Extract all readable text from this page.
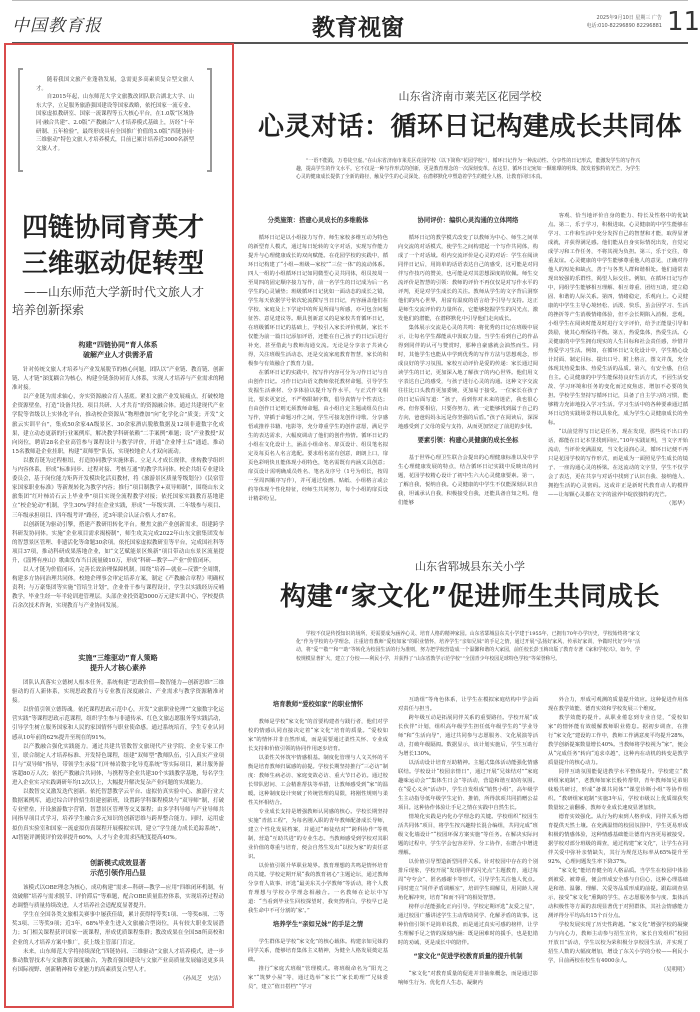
中国教育报	教育视窗	2025年9月10日 星期三 广告
电话:010-82296890 82296881 11

随着我国文旅产业蓬勃发展，急需更多高素质复合型文旅人才。

自2015年起，山东师范大学文旅教改团队联合湖北大学、山东大学，立足服务旅游强国建设等国家战略，依托国家一流专业、国家虚拟教研室、国家一流课程等五大核心平台，在1.0版“区域协同·融合共建”、2.0版“产教融合”人才培养模式基础上，历经“十年研制、五年检验”，最终形成具有全国推广价值的3.0版“四链协同·三维驱动”特色文旅人才培养模式，目前已累计培养近3000名新型文旅人才。

四链协同育英才
三维驱动促转型
——山东师范大学新时代文旅人才
培养创新探索
构建“四链协同”育人体系
破解产业人才供需矛盾

针对传统文旅人才培养与产业发展脱节的核心问题，团队以“产业链、教育链、创新链、人才链”深度耦合为核心，构建全链条协同育人体系，实现人才培养与产业需求的精准对接。

以产业链为需求轴心，夯实资源融合育人基底。紧扣文旅产业发展痛点，打破校地企资源壁垒，打造“设备共投、项目共研、人才共育”的资源融合体。通过共建现代产业学院等省级以上实体化平台，推动校企资源从“物理叠加”向“化学化合”质变；开发“文旅云实训平台”，集成50余家4A级景区、30余家酒店脱敏数据及12项非遗数字化成果，建立动态更新的行业案例库，解决教学科研依赖“二手案例”难题；设“产业教授”双向岗位，聘请28名企业高管参与课程设计与教学评价，开通“企业博士后”通道，推动15名教师赴企业挂职，构建“双师型”队伍，实现校地企人才双向流动。

以教育链为过程枢纽，打造协同教学实施体系。立足人才成长规律，重构教学组织与内容体系，形成“标准同步、过程对接、考核互通”的教学共同体。校企共组专业建设委员会，基于岗位能力矩阵开发模块化活页教材，将《旅游景区质量等级划分》《民宿管家国家职业标准》等新规转化为教学内容；推行“项目制教学+双导师制”，围绕山东文旅集团“红叶柿岩石云上毕业季”项目实现全流程教学对接；依托国家实践教育基地建立“校企轮动”机制，学生30%学时在企业实践，形成“一年级实训、二年级参与项目、三年级承担项目、四年级考评”路径，近3年联合认证合格人才87名。

以创新链为驱动引擎，搭建产教研用转化平台。聚焦文旅产业创新需求，组建跨学科研发协同体。实施“企业项目需求揭榜制”，师生攻关完成2022年山东文旅集团发布的智慧景区管理、非遗活化等命题30余项。依托国家虚拟教研室等平台，完成国社科等项目37项，推动科研成果落地企业，如“文艺赋能景区焕新”项目带动山东景区流量提升，《淄博有座山》歌曲发布当日流量破10万，形成“科研—教学—产业”价值闭环。

以人才链为价值闭环，完善长效治理保障机制。围绕“培养—就业—反馈”全周期，构建多方协同治理共同体。校地企理事会审定培养方案，制定《产教融合章程》明确权责利；与万豪集团等实施“管培生计划”，企业骨干参与课程设计，学生以实践经历反哺教学，毕业生经一年半轮训进管理层。头部企业投资超5000万元建实训中心，学校提供百余次技术咨询，实现教育与产业协同发展。

实施“三维驱动”育人策略
提升人才核心素养

团队认真落实立德树人根本任务，系统构建“思政价值—数智能力—创新思维”三维驱动的育人新体系，实现思政教育与专业教育深度融合、产业需求与教学资源精准对接。

以价值引领立德铸魂。依托课程思政示范中心，开发“文旅职业伦理”“文旅数字化运营实践”等课程思政示范课程，组织学生参与非遗传承、红色文旅志愿服务等实践活动，引导学生树立服务国家和人民的家国情怀与职业使命感。通过系统培育，学生专业认同感从10年前的62%提升至现在的91%。

以产教融合强化实践能力。通过共建共管数智文旅现代产业学院、企业专家工作室，联合制定人才培养标准、开发特色课程，组建“双师型”教师队伍，引入真实产业项目与“双导师”指导，带领学生承接“红叶柿岩数字化导览系统”等实际项目，累计服务游客超80万人次；依托产教融合共同体，与携程等企业共建30个实践教学基地，每名学生进入企业实习实践调研年均12次以上，大幅提升解决复杂产业问题的实战能力。

以数智交叉激发迭代创新。依托智慧教学云平台、虚拟仿真实验中心、旅游行业大数据案例库，通过综合评价招生组建创新班，设置跨学科课程模块与“双导师”制，打破专业壁垒，开设旅游数字营销、智慧景区管理等交叉课程；由多学科导师与产业导师共同指导项目式学习，培养学生融合多元知识的创新思维与跨界整合能力。同时，运用虚拟仿真实验室和国家一流虚拟仿真课程开展模拟实训，建立“学生能力成长追踪系统”，AI智能评测使评价效率提升60%，人才与企业需求匹配度提高40%。

创新模式成效显著
示范引领作用凸显

该模式以OBE理念为核心，成功构建“需求—科研—教学—应用”四维闭环机制，有效破解“培养与需求脱节、评价滞后”等难题，配合OBE质量监控体系，实现培养过程动态调整与质量持续改进，人才培养社会适配度显著提升。

学生在全国各类文旅相关赛事中屡获佳绩，累计获得特等奖1项、一等奖6项、二等奖3项、三等奖9项；近3年，68%毕业生进入文旅融合型岗位，具有较大职业发展潜力；5门相关课程获评国家一流课程，形成优质课程集群；教改成果在全国58所高校和企业的人才培养方案中推广，获上级主管部门肯定。

未来，山东师范大学将持续深化“四链协同、三维驱动”文旅人才培养模式，进一步推动数智技术与文旅教育深度融合，为教育强国建设与文旅产业高质量发展输送更多具有国际视野、创新精神和专业能力的高素质复合型人才。

（孙凤芝　史洁）
山东省济南市莱芜区花园学校
心灵对话：循环日记构建成长共同体
“一语不能践，万卷徒空虚。”在山东省济南市莱芜区花园学校（以下简称“花园学校”），循环日记作为一种流动性、分享性的日记形式，能激发学生的写作兴趣，提高学生的作文水平。它不仅是一种写作形式的创新，更是教育理念的一次深刻变革。在这里，循环日记宛如一颗璀璨的明珠，散发着独特的光芒，为学生心灵的健康成长提供了全新的路径，触及学生的心灵深处，在潜移默化中塑造着学生的健全人格，让教育回归本真。
分类施策：搭建心灵成长的多维载体

循环日记是以小组接力写作、师生家校多维互动为特色的新型育人模式，通过每日轮转的文字对话，实现写作能力提升与心理健康成长的双向赋能。在花园学校的实践中，循环日记构建了“小组—班级—家校”“三位一体”的流动体系。四人一组的小组循环日记如同微型心灵共同体，组员按周一至周四的固定顺序接力写作，前一名学生的日记成为后一名学生的心灵铺垫；班级循环日记犹如一面动态的成长之镜，学生每天依据学号依次轮流撰写当日日记，内容涵盖他们在学校、家庭及上下学途中的所见所闻与所感，亦可包含问题征答、意见建议等。颇具创新意义的是家校共育循环日记，在班级循环日记的基础上，学校引入家长评价机制，家长不仅能为前一篇日记添加评语，还能在自己孩子的日记后进行补充，甚至借此与教师沟通交流。无论是分享亲子共读心得，关注班级生活动态，还是交流家庭教育智慧，家长的积极参与有效融合了教育力量。

在循环日记的实践中，按写作内容可分为习作日记与自由创作日记。习作日记由语文教师依托教材命题，引导学生发掘生活素材、分享体验以提升写作水平，与正式作文相比，要求更宽泛，不严格限制字数，倡导真情与个性表达；自由创作日记则无须教师命题，由小组自定主题或组员自由写作，穿插于命题习作之间，学生可接龙创作诗歌、分享感悟或推荐书籍、电影等，充分尊重学生的创作意愿，满足学生的表达需求，大幅度调动了他们的创作热情。循环日记的小组在文化设计上，涵盖小组命名、扉页设计、组员笔名拟定及每页名人名言选配。要求组名富有创意，朗朗上口，扉页色彩明快且能体现小组特色，笔名需既有内涵又具创意；扉页设计需明确成员姓名、笔名及序号（1号为组长，按周一至周四顺序写作），并可通过绘画、贴纸、小组格言或公约等体现个性化特征，经师生共同努力，每个小组的扉页设计精彩纷呈。

协同评价：编织心灵沟通的立体网络

循环日记的教学模式改变了以教师为中心、师生之间单向交流的对话模式，使学生之间构建起一个写作共同体，构成了一个对话域。组内交流评价是心灵的对话：学生在阅读同伴日记后，用简单的话语表达自己的感受，这可能是对同伴写作技巧的赞美，也可能是对其思想深度的钦佩。师生交流评价是智慧的引领：教师的评价不再仅仅是对写作水平的评判，更是对学生成长的关注。教师从学生的文字背后洞察他们的内心世界，用富有温度的语言给予引导与支持。这正是师生交流评价的力量所在，它能够挖掘学生的闪光点，激发他们的潜能，在潜移默化中引导他们走向成长。

集体展示交流是心灵的共鸣：将优秀的日记在班级中展示，让每名学生都能从中汲取力量。当学生看到自己的作品得到同伴的认可与赞赏时，那种自豪感就会油然而生。同时，其他学生也能从中学到优秀的写作方法与思想观念，形成良好的学习氛围。家校互动评价是爱的传递：家长通过阅读学生的日记，更加深入地了解孩子的内心世界。他们用文字表达自己的感受，与孩子进行心灵的沟通。这种文字交流往往比口头教育更加委婉，更加易于接受。一位家长在孩子的日记后面写道：“孩子，看到你对未来的迷茫，我也很心疼。但你要相信，只要你努力，就一定能够找到属于自己的方向，爸爸妈妈永远是你坚强的后盾。”孩子在阅读后，深深地感受到了父母的爱与支持，从而更加坚定了前进的步伐。

要素引领：构建心灵健康的成长坐标

基于世界心理卫生联合会提出的心理健康标准以及中学生心理健康发展的特点，结合循环日记实践中反映出的问题，花园学校精心设计了初中生六大心灵健康要素。第一，了解自我，悦纳自我。心灵健康的中学生不仅能深刻认识自我，坦诚承认自我，积极接受自我，还能具备自知之明。他们能够

客观、恰当地评价自身的能力、特长及性格中的优缺点。第二，乐于学习，积极进取。心灵健康的中学生能够在学习、工作和生活中充分发挥自己的智慧和才能，取得显著成就，并获得满足感。他们能从自身实际情况出发，自觉完成学习和工作任务，不将其视为负担。第三，乐于交往，尊重友谊。心灵健康的中学生能够尊重他人的意见，正确对待他人的短处和缺点，善于与各类人群和谐相处。他们通常表现出较强的乐群性，渴望人际交往。例如，在循环日记写作中，同组学生能够相互理解、相互尊重、团结互助，建立稳固、和谐的人际关系。第四，情绪稳定，乐观向上。心灵健康的中学生主导心境轻松、活泼、快乐，虽会因学习、生活的挫折等产生消极情绪体验，但不会长期陷入消极、悲观。小组学生在阅读时能及时进行文字评价，给予正能量引导和鼓励，使其心理保持平衡。第五，热爱集体，热爱生活。心灵健康的中学生拥有现实的人生目标和社会责任感，珍惜并热爱学习生活。例如，在循环日记文化设计中，学生精心设计封面、制定目标、提出口号、附上格言，图文并茂，充分体现其热爱集体、热爱生活的品质。第六，有安全感，自信自主。心灵健康的中学生能保持良好生活方式，不因生活变故、学习环境和任务的变化而过度焦虑，增加不必要的负担。学校学生坚持写循环日记，具备了自主学习的习惯，能够精力充沛地投入学习生活。学习生活中的各种要素通过循环日记的实践场景得以具象化，成为学生心灵健康成长的坐标。

“以前觉得写日记是任务，现在发现，那些说不出口的话，都能在日记本里找到回应。”10年实践证明，当文字开始流动，当评价充满温度，当文化浸润心灵，循环日记便不再只是花园学校的写作形式，而是成为一面照见学生成长的镜子、一座沟通心灵的桥梁。在这流动的文字里，学生不仅学会了表达，更在共享与对话中找到了认识自我、接纳他人、拥抱生活的心灵密码。这或许正是新时代教育动人的模样——让每颗心灵都在文字的滋养中绽放独特的光芒。

（郑华）
山东省郓城县东关小学
构建“家文化”促进师生共同成长
学校不仅是传授知识的场所，更需要成为涵养心灵、培育人格的精神家园。山东省郓城县东关小学建于1955年，已拥有70年办学历史，学校始终将“家文化”作为学校的办学理念，注重培育教师“爱校如家”的职业情怀，培养学生“亲如兄妹”的手足之情，通过开展“弘扬好家风，传承好家训，争做时代好少年”活动，将“爱”“敬”“和”“助”等转化为校园生活的行为准则，努力把学校营造成一个温馨和谐的大家园，前任校长彭玉梅出版了教育专著《家和学校兴》。如今，学校规模显著扩大，建立了分校——利民小学，并获得了“山东省教学示范学校”“全国青少年校园足球特色学校”等荣誉称号。
培育教师“爱校如家”的职业情怀

教师是学校“家文化”的首要构建者与践行者，他们对学校的情感认同直接决定着“家文化”培育的质量。“爱校如家”的情怀并非自然形成，而是需要通过柔性关怀、专业成长支持和价值引领的协同作用逐步培育。

以柔性关怀筑牢情感根基。制度化管理与人文关怀的平衡是培育教师归属感的前提。学校长期坚持推行“三必访”制度：教师生病必访、家庭变故必访、重大节日必访。通过校长带队慰问、工会精准帮扶等举措，让教师感受到“家”的温暖。这种制度设计突破了传统管理的局限，将刚性规则与柔性关怀相结合。

专业成长支持是增强教师认同感的核心。学校长期坚持实施“青蓝工程”，为每名刚入职的青年教师配备成长导师，建立个性化发展档案，并通过“师徒结对”“跨科协作”等机制，营造“互助共进”的专业生态。当教师感受到学校对其职业价值的尊重与培育，便会自然生发出“以校为家”的责任意识。

以价值引领升华职业境界。教育理想的共鸣是情怀培育的关键。学校定期开展“我的教育初心”主题论坛，通过教师分享育人故事、评选“最美东关小学教师”等活动，将个人教育理想与学校办学理念相融合。一名教师在论坛中写道：“当看到毕业生回校探望时，我突然明白，学校早已是我生命中不可分割的‘家’。”

培养学生“亲如兄妹”的手足之情

学生群体是学校“家文化”的核心载体。构建亲如兄妹的同学关系，能够培育集体主义精神，为健全人格发展奠定基础。

推行“家庭式班级”管理模式。将班级命名为“阳光之家”“筑梦小屋”等，通过选举“家长”“家长助理”“兄妹委员”，建立“值日搭档”“学习

互助组”等角色体系，让学生在模拟家庭结构中学会面对责任与担当。

跨年级互动是拓展同伴关系的重要路径。学校开展“成长伙伴”计划，组织高年级学生担任低年级学生的“学业导师”和“生活向导”，通过共同参与志愿服务、文化展演等活动，打破年级隔阂。数据显示，该计划实施后，学生互助行为增长130%。

以活动设计培育互助精神。主题式集体活动能强化情感联结。学校设计“校园亲情日”，通过开展“兄妹结对”“家庭趣味运动会”“集体生日会”等活动，营造和谐互助的氛围。在“爱心义卖”活动中，学生自发组成“销售小组”，高年级学生主动指导低年级学生定价、推销，所得款项共同捐赠公益项目。这种协作体验让手足之情在实践中自然生长。

情境化实践是内化办学理念的关键。学校组织“校园生活共同体”项目，将学生按兴趣特长混合编组，共同完成“班级文化墙设计”“校园环保方案实施”等任务。在解决实际问题的过程中，学生学会包容差异、分工协作，在磨合中增进理解。

以价值引导塑造新型同伴关系。针对校园中存在的个别排斥现象，学校开展“发现同伴的闪光点”主题教育，通过每周“夸夸会”、匿名感谢卡等形式，引导学生关注他人优点。同时建立“同伴矛盾调解室”，培训学生调解员，用同龄人视角化解冲突，培育“和而不同”的相处智慧。

榜样示范能强化正向引导。学校定期评选“友爱之星”，通过校园广播讲述学生主动帮助同学、化解矛盾的故事。这种价值引领不是简单说教，而是通过真实可感的榜样，让学生理解手足之情的深刻内涵：既是困难时的援手，也是犯错时的劝诫，更是成长中的陪伴。

“家文化”促进学校教育质量的提升机制

“家文化”对教育质量的促进并非抽象概念，而是通过影响师生行为、优化育人生态，凝聚内

外合力，形成可观测的质量提升效应。这种促进作用体现在教学效能、德育实效和学校发展三个维度。

教学效能的提升。从职业倦怠到专业自觉，“爱校如家”的情怀能有效缓解教师职业倦怠。据初步调查，在推行“家文化”建设的工作中，教师工作满意度平均提升28%，教学创新提案数量增长40%。当教师将学校视为“家”，便会从“完成任务”转向“追求卓越”，这种内在动机的转变是教学质量提升的核心动力。

同伴互助氛围能促进教学水平整体提升。学校建立“教研组家庭制”，老教师如家长般传帮带，青年教师如兄弟姐妹般共研讨，形成“备课共同体”“课堂诊断小组”等协作组织。“教研组家庭制”实施3年后，学校市级以上优质课获奖数量较之前翻番，教师专业成长速度显著加快。

德育实效强化。从行为约束到人格养成，同伴关系为德育提供天然土壤。在充满温情的校园氛围中，学生更易形成积极的情感体验，这种情感基础能让德育内容更易被接受。据学校对部分班级的调查，通过构建“家文化”，让学生在同伴关爱中弥补亲情缺失，其行为规范达标率从65%提升至92%，心理问题发生率下降37%。

“家文化”能培育健全的人格品质。当学生在校园中体验到被爱、被尊重，便会形成安全感与自信心，这种心理基础是和谐、温馨、理解、关爱等品质形成的前提。跟踪调查显示，接受“家文化”熏陶的学生，在志愿服务参与度、集体活动积极性等方面的表现显著优于对照群体，其社会情感能力测评得分平均高出15个百分点。

学校发展实现了历史性跨越。“家文化”增强学校的凝聚力与向心力，教师主动参与招生宣传，家长自发组织“校园开放日”活动，学生以校为荣积极分享校园生活，并实现了招生人数的大幅度增加，增设了东关小学的分校——利民小学，目前两校在校生有4000余人。

（吴明明）
